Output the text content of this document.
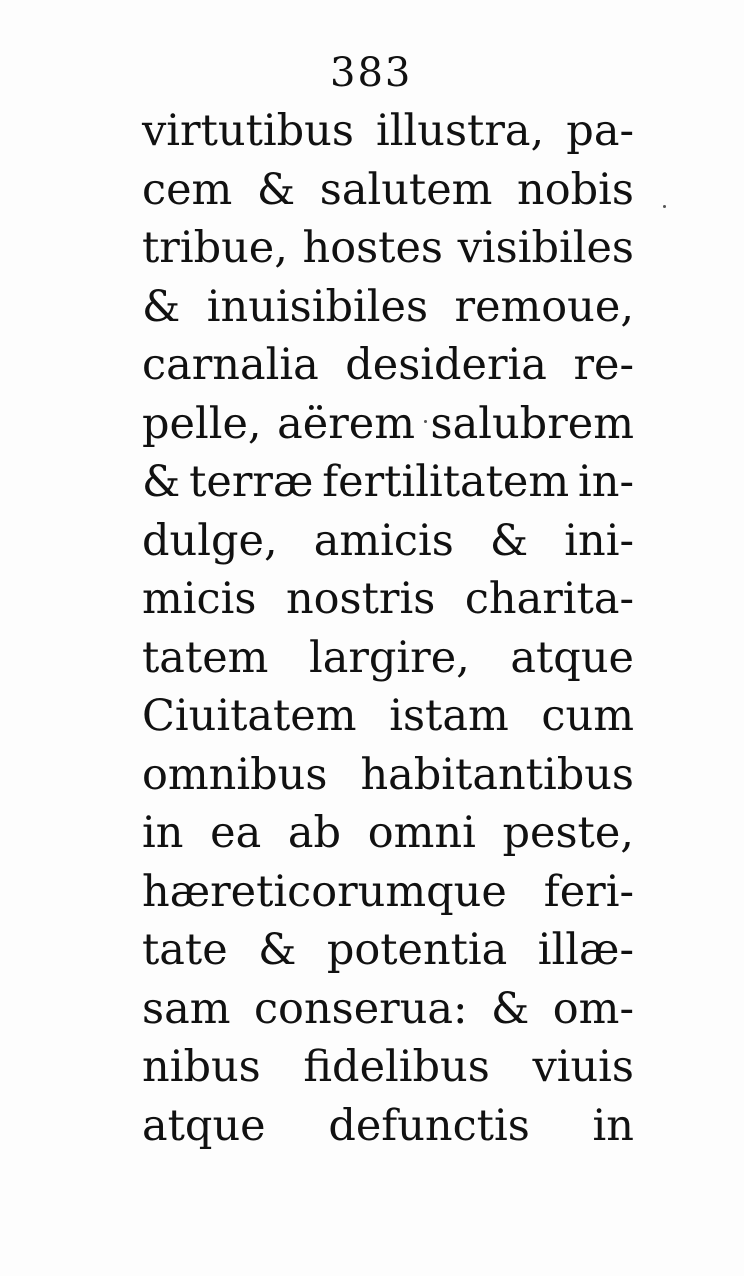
383
virtutibus illustra, pa-
cem & salutem nobis
tribue, hostes visibiles
& inuisibiles remoue,
carnalia desideria re-
pelle, aërem salubrem
& terræ fertilitatem in-
dulge, amicis & ini-
micis nostris charita-
tatem largire, atque
Ciuitatem istam cum
omnibus habitantibus
in ea ab omni peste,
hæreticorumque feri-
tate & potentia illæ-
sam conserua: & om-
nibus fidelibus viuis
atque defunctis in
